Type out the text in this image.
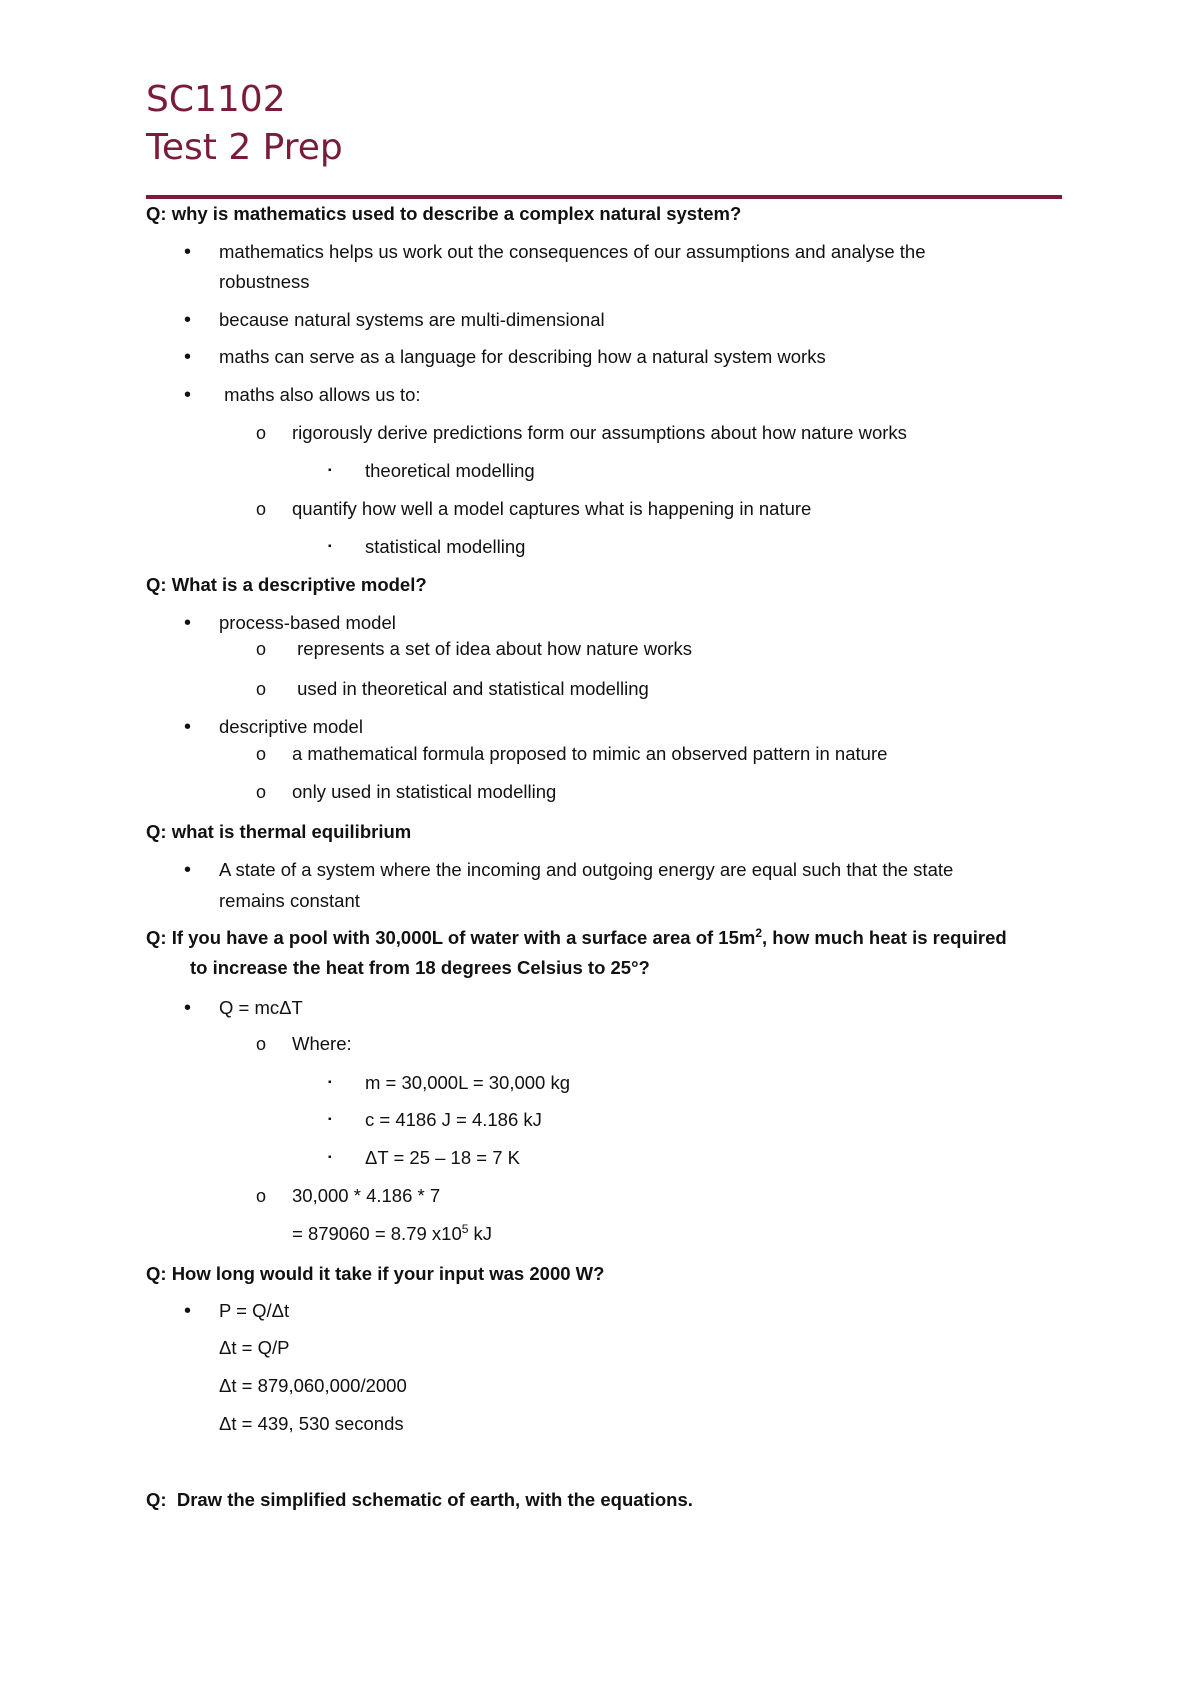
SC1102
Test 2 Prep

Q: why is mathematics used to describe a complex natural system?

• mathematics helps us work out the consequences of our assumptions and analyse the

robustness

• because natural systems are multi-dimensional

• maths can serve as a language for describing how a natural system works

• maths also allows us to:

o rigorously derive predictions form our assumptions about how nature works

▪ theoretical modelling

o quantify how well a model captures what is happening in nature

▪ statistical modelling

Q: What is a descriptive model?

• process-based model

o represents a set of idea about how nature works

o used in theoretical and statistical modelling

• descriptive model

o a mathematical formula proposed to mimic an observed pattern in nature

o only used in statistical modelling

Q: what is thermal equilibrium

• A state of a system where the incoming and outgoing energy are equal such that the state

remains constant

Q: If you have a pool with 30,000L of water with a surface area of $15m^2$, how much heat is required

to increase the heat from 18 degrees Celsius to 25°?

• Q = mcΔT

o Where:

▪ m = 30,000L = 30,000 kg

▪ c = 4186 J = 4.186 kJ

▪ ΔT = 25 – 18 = 7 K

o 30,000 * 4.186 * 7

= 879060 = 8.79 $x10^5$ kJ

Q: How long would it take if your input was 2000 W?

• P = Q/Δt

Δt = Q/P

Δt = 879,060,000/2000

Δt = 439, 530 seconds

Q:  Draw the simplified schematic of earth, with the equations.
